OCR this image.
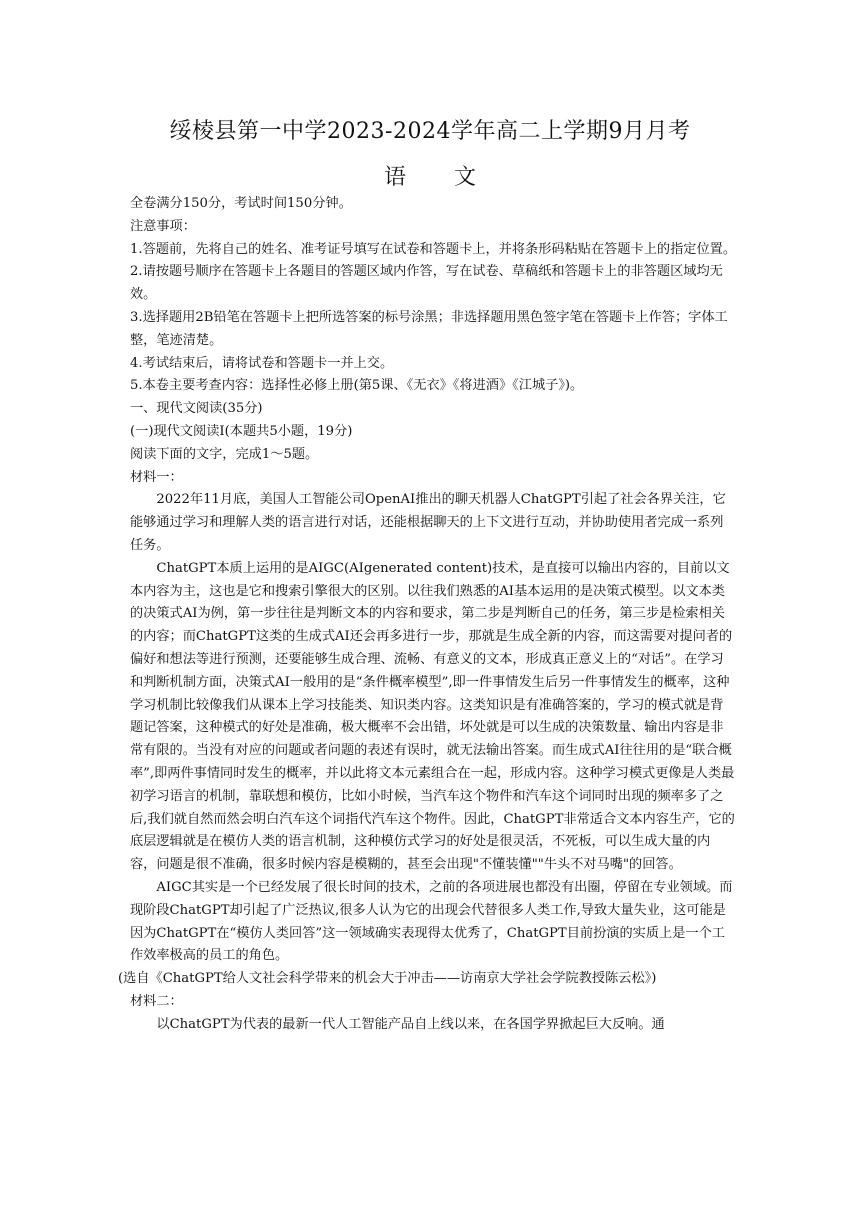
绥棱县第一中学2023-2024学年高二上学期9月月考
语 文

全卷满分150分，考试时间150分钟。

注意事项：

1.答题前，先将自己的姓名、准考证号填写在试卷和答题卡上，并将条形码粘贴在答题卡上的指定位置。

2.请按题号顺序在答题卡上各题目的答题区域内作答，写在试卷、草稿纸和答题卡上的非答题区域均无效。

3.选择题用2B铅笔在答题卡上把所选答案的标号涂黑；非选择题用黑色签字笔在答题卡上作答；字体工整，笔迹清楚。

4.考试结束后，请将试卷和答题卡一并上交。

5.本卷主要考查内容：选择性必修上册(第5课、《无衣》《将进酒》《江城子》)。

一、现代文阅读(35分)

(一)现代文阅读I(本题共5小题，19分)

阅读下面的文字，完成1～5题。

材料一：

2022年11月底，美国人工智能公司OpenAI推出的聊天机器人ChatGPT引起了社会各界关注，它能够通过学习和理解人类的语言进行对话，还能根据聊天的上下文进行互动，并协助使用者完成一系列任务。

ChatGPT本质上运用的是AIGC(AIgenerated content)技术，是直接可以输出内容的，目前以文本内容为主，这也是它和搜索引擎很大的区别。以往我们熟悉的AI基本运用的是决策式模型。以文本类的决策式AI为例，第一步往往是判断文本的内容和要求，第二步是判断自己的任务，第三步是检索相关的内容；而ChatGPT这类的生成式AI还会再多进行一步，那就是生成全新的内容，而这需要对提问者的偏好和想法等进行预测，还要能够生成合理、流畅、有意义的文本，形成真正意义上的“对话”。在学习和判断机制方面，决策式AI一般用的是“条件概率模型”,即一件事情发生后另一件事情发生的概率，这种学习机制比较像我们从课本上学习技能类、知识类内容。这类知识是有准确答案的，学习的模式就是背题记答案，这种模式的好处是准确，极大概率不会出错，坏处就是可以生成的决策数量、输出内容是非常有限的。当没有对应的问题或者问题的表述有误时，就无法输出答案。而生成式AI往往用的是“联合概率”,即两件事情同时发生的概率，并以此将文本元素组合在一起，形成内容。这种学习模式更像是人类最初学习语言的机制，靠联想和模仿，比如小时候，当汽车这个物件和汽车这个词同时出现的频率多了之后,我们就自然而然会明白汽车这个词指代汽车这个物件。因此，ChatGPT非常适合文本内容生产，它的底层逻辑就是在模仿人类的语言机制，这种模仿式学习的好处是很灵活，不死板，可以生成大量的内容，问题是很不准确，很多时候内容是模糊的，甚至会出现"不懂装懂""牛头不对马嘴"的回答。

AIGC其实是一个已经发展了很长时间的技术，之前的各项进展也都没有出圈，停留在专业领域。而现阶段ChatGPT却引起了广泛热议,很多人认为它的出现会代替很多人类工作,导致大量失业，这可能是因为ChatGPT在“模仿人类回答”这一领域确实表现得太优秀了，ChatGPT目前扮演的实质上是一个工作效率极高的员工的角色。

(选自《ChatGPT给人文社会科学带来的机会大于冲击——访南京大学社会学院教授陈云松》)

材料二：

以ChatGPT为代表的最新一代人工智能产品自上线以来，在各国学界掀起巨大反响。通
